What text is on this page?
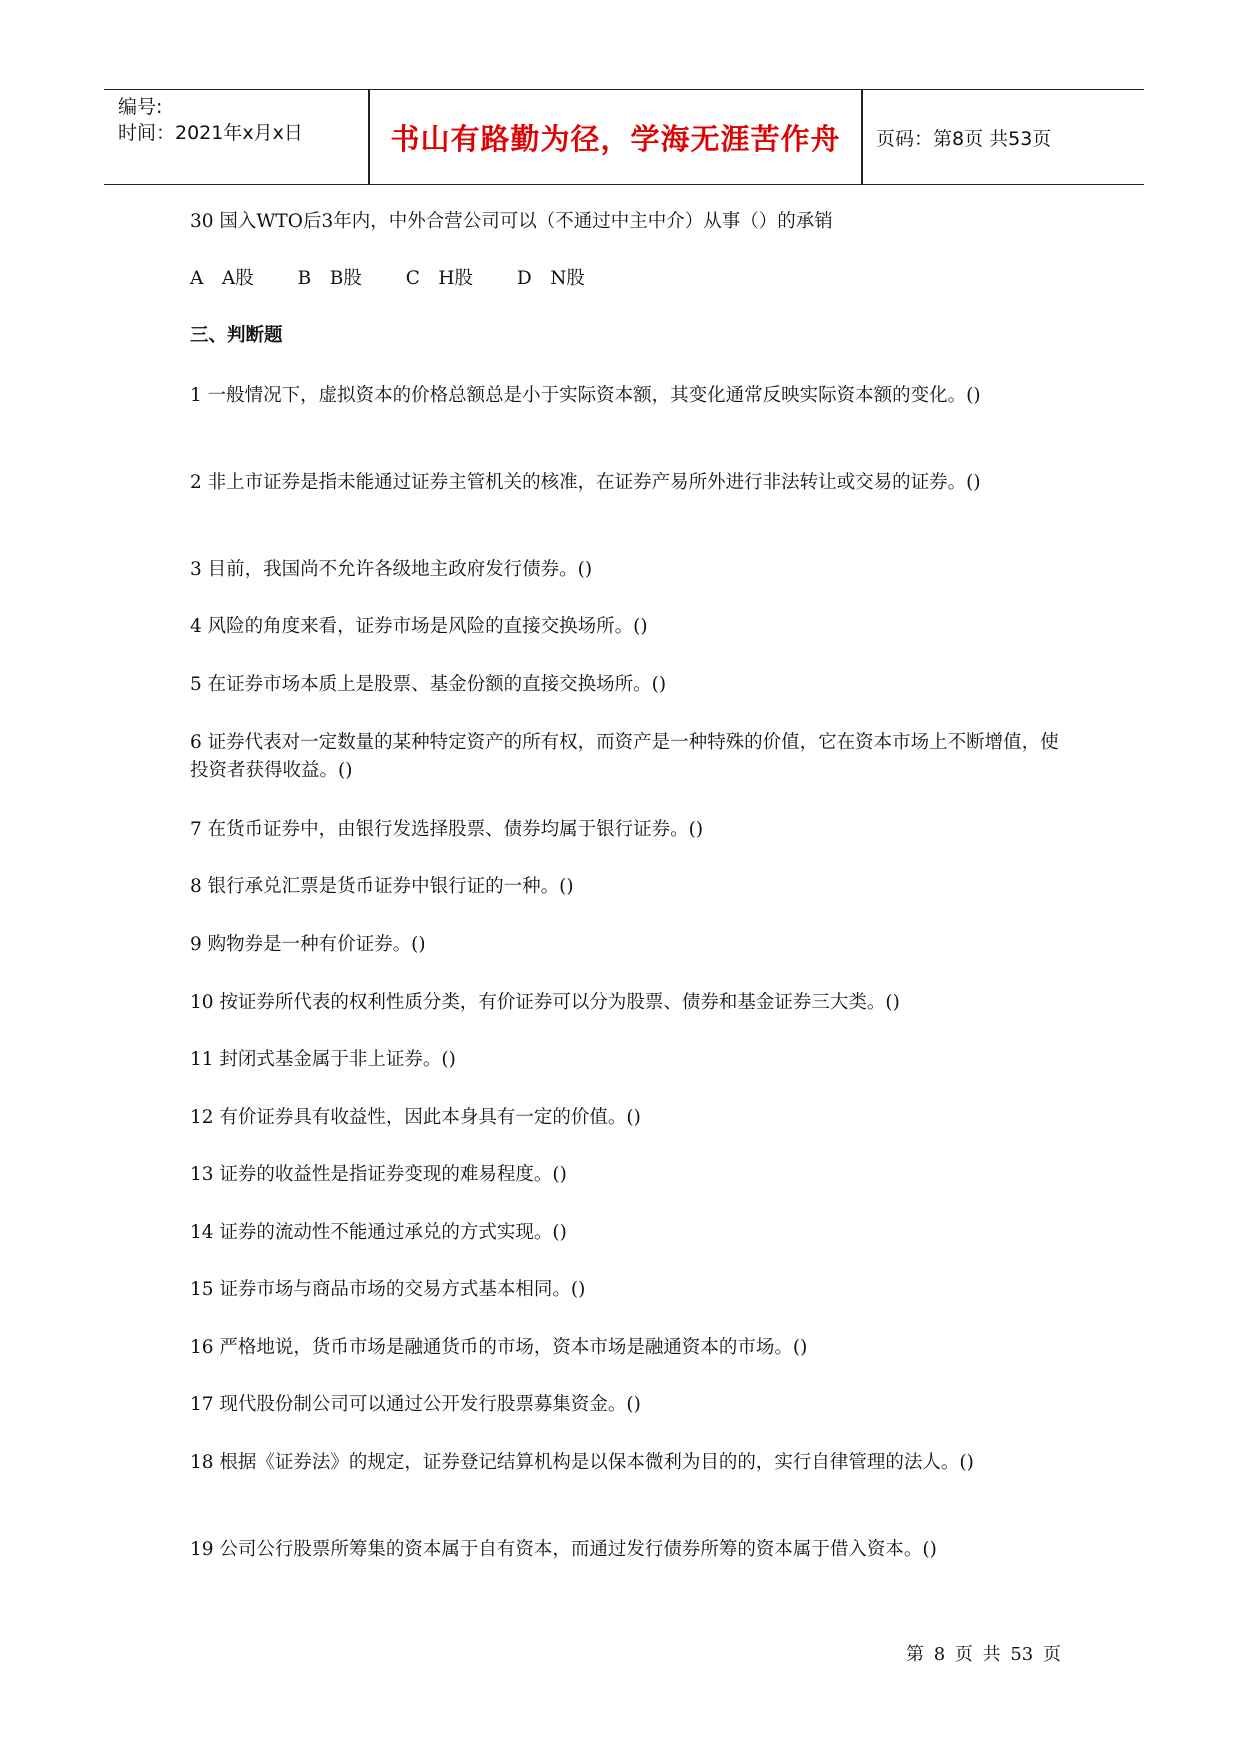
编号:
时间：2021年x月x日	书山有路勤为径，学海无涯苦作舟	页码：第8页 共53页

30 国入WTO后3年内，中外合营公司可以（不通过中主中介）从事（）的承销

A　A股 B　B股 C　H股 D　N股

三、判断题

1 一般情况下，虚拟资本的价格总额总是小于实际资本额，其变化通常反映实际资本额的变化。()

2 非上市证券是指未能通过证券主管机关的核准，在证券产易所外进行非法转让或交易的证券。()

3 目前，我国尚不允许各级地主政府发行债券。()

4 风险的角度来看，证券市场是风险的直接交换场所。()

5 在证券市场本质上是股票、基金份额的直接交换场所。()

6 证券代表对一定数量的某种特定资产的所有权，而资产是一种特殊的价值，它在资本市场上不断增值，使投资者获得收益。()

7 在货币证券中，由银行发选择股票、债券均属于银行证券。()

8 银行承兑汇票是货币证券中银行证的一种。()

9 购物券是一种有价证券。()

10 按证券所代表的权利性质分类，有价证券可以分为股票、债券和基金证券三大类。()

11 封闭式基金属于非上证券。()

12 有价证券具有收益性，因此本身具有一定的价值。()

13 证券的收益性是指证券变现的难易程度。()

14 证券的流动性不能通过承兑的方式实现。()

15 证券市场与商品市场的交易方式基本相同。()

16 严格地说，货币市场是融通货币的市场，资本市场是融通资本的市场。()

17 现代股份制公司可以通过公开发行股票募集资金。()

18 根据《证券法》的规定，证券登记结算机构是以保本微利为目的的，实行自律管理的法人。()

19 公司公行股票所筹集的资本属于自有资本，而通过发行债券所筹的资本属于借入资本。()

第 8 页 共 53 页
